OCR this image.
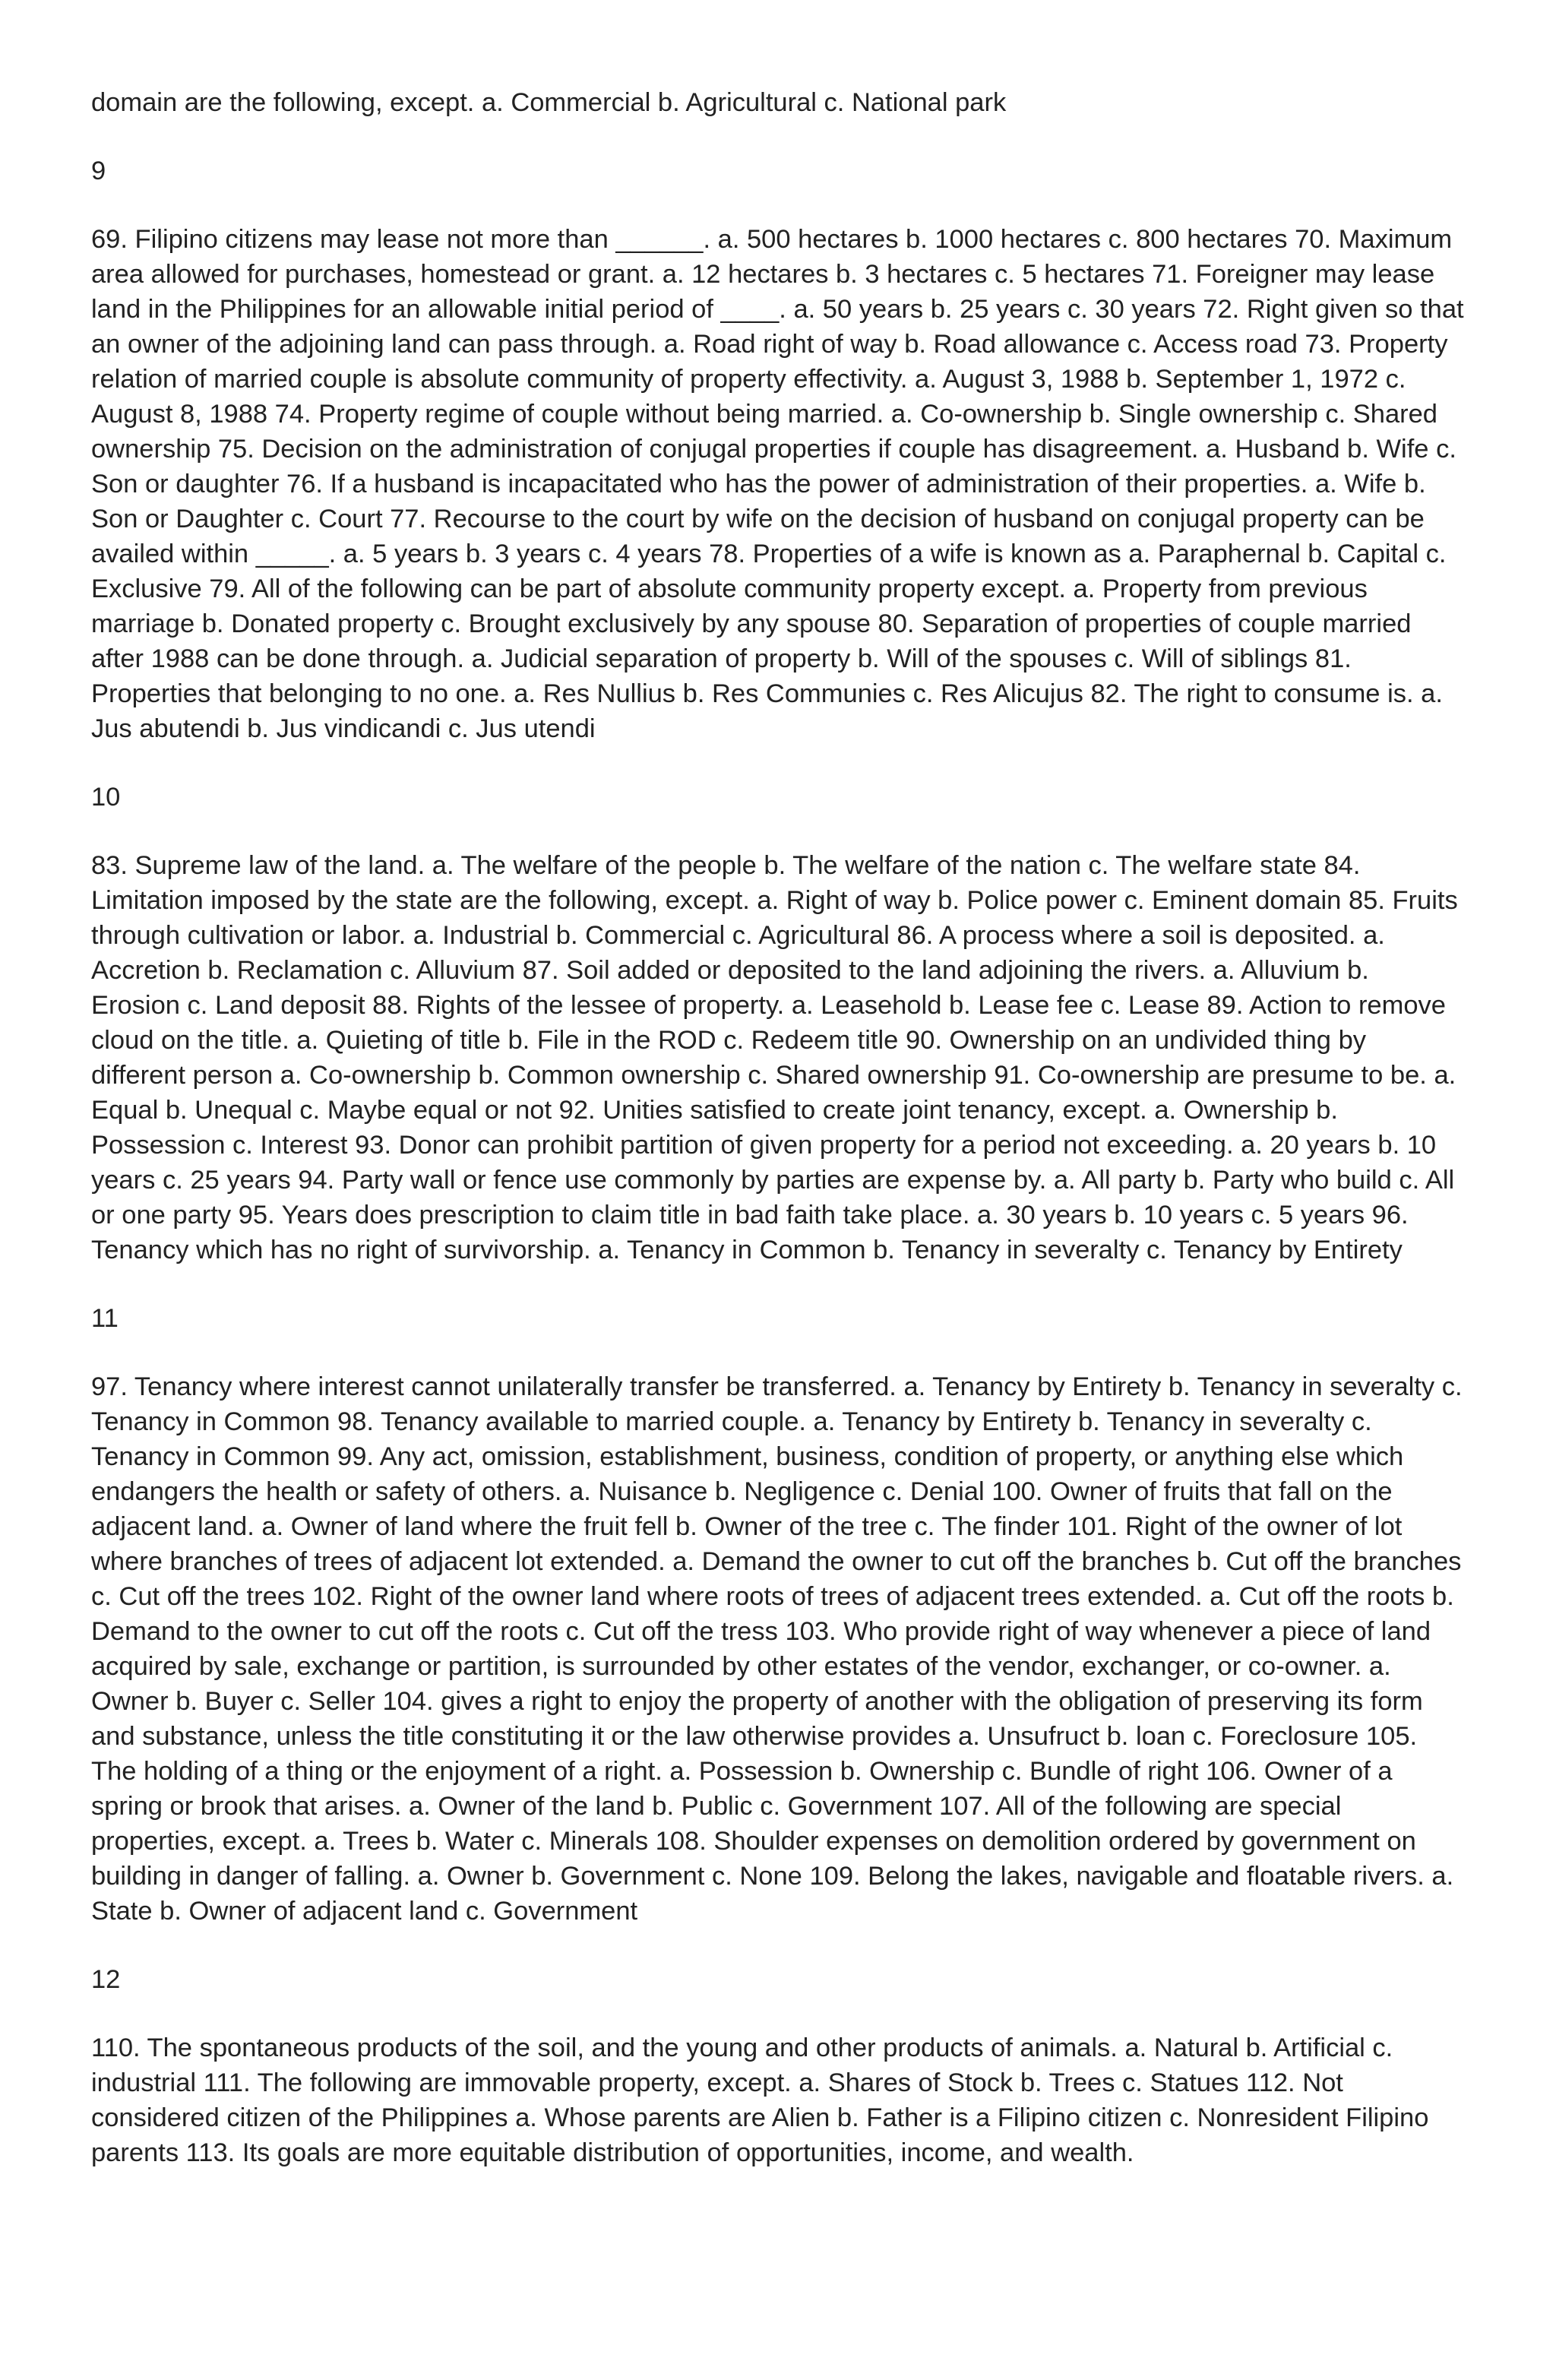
domain are the following, except. a. Commercial b. Agricultural c. National park

9

69. Filipino citizens may lease not more than ______. a. 500 hectares b. 1000 hectares c. 800 hectares 70. Maximum area allowed for purchases, homestead or grant. a. 12 hectares b. 3 hectares c. 5 hectares 71. Foreigner may lease land in the Philippines for an allowable initial period of ____. a. 50 years b. 25 years c. 30 years 72. Right given so that an owner of the adjoining land can pass through. a. Road right of way b. Road allowance c. Access road 73. Property relation of married couple is absolute community of property effectivity. a. August 3, 1988 b. September 1, 1972 c. August 8, 1988 74. Property regime of couple without being married. a. Co-ownership b. Single ownership c. Shared ownership 75. Decision on the administration of conjugal properties if couple has disagreement. a. Husband b. Wife c. Son or daughter 76. If a husband is incapacitated who has the power of administration of their properties. a. Wife b. Son or Daughter c. Court 77. Recourse to the court by wife on the decision of husband on conjugal property can be availed within _____. a. 5 years b. 3 years c. 4 years 78. Properties of a wife is known as a. Paraphernal b. Capital c. Exclusive 79. All of the following can be part of absolute community property except. a. Property from previous marriage b. Donated property c. Brought exclusively by any spouse 80. Separation of properties of couple married after 1988 can be done through. a. Judicial separation of property b. Will of the spouses c. Will of siblings 81. Properties that belonging to no one. a. Res Nullius b. Res Communies c. Res Alicujus 82. The right to consume is. a. Jus abutendi b. Jus vindicandi c. Jus utendi

10

83. Supreme law of the land. a. The welfare of the people b. The welfare of the nation c. The welfare state 84. Limitation imposed by the state are the following, except. a. Right of way b. Police power c. Eminent domain 85. Fruits through cultivation or labor. a. Industrial b. Commercial c. Agricultural 86. A process where a soil is deposited. a. Accretion b. Reclamation c. Alluvium 87. Soil added or deposited to the land adjoining the rivers. a. Alluvium b. Erosion c. Land deposit 88. Rights of the lessee of property. a. Leasehold b. Lease fee c. Lease 89. Action to remove cloud on the title. a. Quieting of title b. File in the ROD c. Redeem title 90. Ownership on an undivided thing by different person a. Co-ownership b. Common ownership c. Shared ownership 91. Co-ownership are presume to be. a. Equal b. Unequal c. Maybe equal or not 92. Unities satisfied to create joint tenancy, except. a. Ownership b. Possession c. Interest 93. Donor can prohibit partition of given property for a period not exceeding. a. 20 years b. 10 years c. 25 years 94. Party wall or fence use commonly by parties are expense by. a. All party b. Party who build c. All or one party 95. Years does prescription to claim title in bad faith take place. a. 30 years b. 10 years c. 5 years 96. Tenancy which has no right of survivorship. a. Tenancy in Common b. Tenancy in severalty c. Tenancy by Entirety

11

97. Tenancy where interest cannot unilaterally transfer be transferred. a. Tenancy by Entirety b. Tenancy in severalty c. Tenancy in Common 98. Tenancy available to married couple. a. Tenancy by Entirety b. Tenancy in severalty c. Tenancy in Common 99. Any act, omission, establishment, business, condition of property, or anything else which endangers the health or safety of others. a. Nuisance b. Negligence c. Denial 100. Owner of fruits that fall on the adjacent land. a. Owner of land where the fruit fell b. Owner of the tree c. The finder 101. Right of the owner of lot where branches of trees of adjacent lot extended. a. Demand the owner to cut off the branches b. Cut off the branches c. Cut off the trees 102. Right of the owner land where roots of trees of adjacent trees extended. a. Cut off the roots b. Demand to the owner to cut off the roots c. Cut off the tress 103. Who provide right of way whenever a piece of land acquired by sale, exchange or partition, is surrounded by other estates of the vendor, exchanger, or co-owner. a. Owner b. Buyer c. Seller 104. gives a right to enjoy the property of another with the obligation of preserving its form and substance, unless the title constituting it or the law otherwise provides a. Unsufruct b. loan c. Foreclosure 105. The holding of a thing or the enjoyment of a right. a. Possession b. Ownership c. Bundle of right 106. Owner of a spring or brook that arises. a. Owner of the land b. Public c. Government 107. All of the following are special properties, except. a. Trees b. Water c. Minerals 108. Shoulder expenses on demolition ordered by government on building in danger of falling. a. Owner b. Government c. None 109. Belong the lakes, navigable and floatable rivers. a. State b. Owner of adjacent land c. Government

12

110. The spontaneous products of the soil, and the young and other products of animals. a. Natural b. Artificial c. industrial 111. The following are immovable property, except. a. Shares of Stock b. Trees c. Statues 112. Not considered citizen of the Philippines a. Whose parents are Alien b. Father is a Filipino citizen c. Nonresident Filipino parents 113. Its goals are more equitable distribution of opportunities, income, and wealth.
